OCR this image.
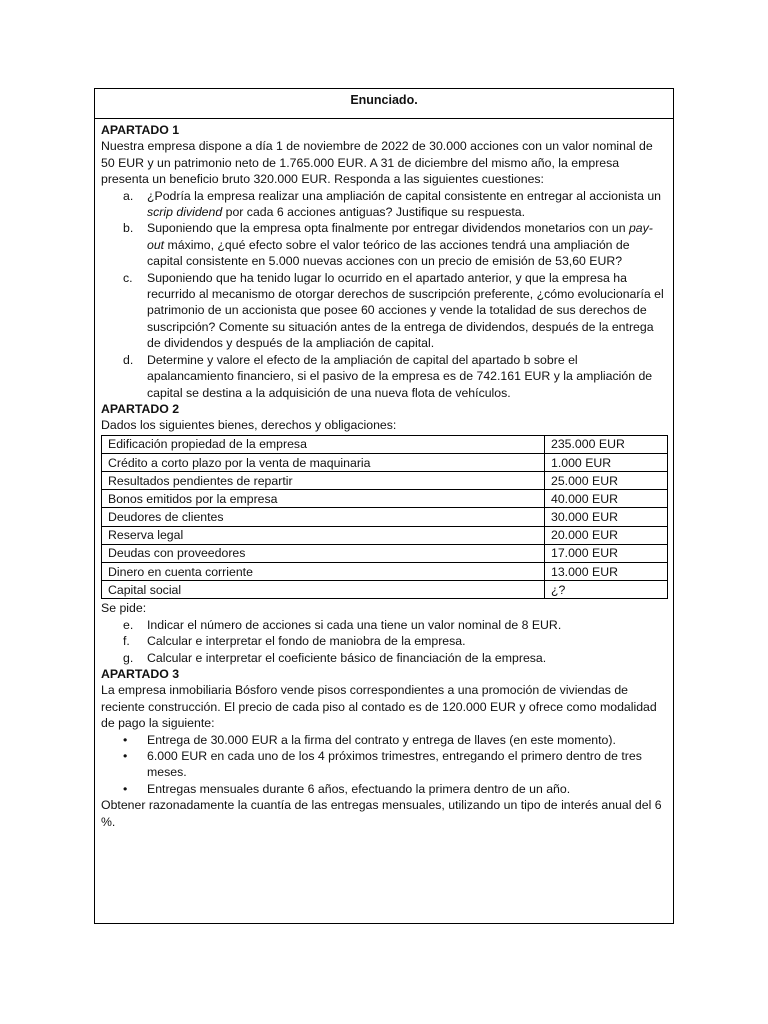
Enunciado.
APARTADO 1

Nuestra empresa dispone a día 1 de noviembre de 2022 de 30.000 acciones con un valor nominal de 50 EUR y un patrimonio neto de 1.765.000 EUR. A 31 de diciembre del mismo año, la empresa presenta un beneficio bruto 320.000 EUR. Responda a las siguientes cuestiones:

a. ¿Podría la empresa realizar una ampliación de capital consistente en entregar al accionista un scrip dividend por cada 6 acciones antiguas? Justifique su respuesta.
b. Suponiendo que la empresa opta finalmente por entregar dividendos monetarios con un pay-out máximo, ¿qué efecto sobre el valor teórico de las acciones tendrá una ampliación de capital consistente en 5.000 nuevas acciones con un precio de emisión de 53,60 EUR?
c. Suponiendo que ha tenido lugar lo ocurrido en el apartado anterior, y que la empresa ha recurrido al mecanismo de otorgar derechos de suscripción preferente, ¿cómo evolucionaría el patrimonio de un accionista que posee 60 acciones y vende la totalidad de sus derechos de suscripción? Comente su situación antes de la entrega de dividendos, después de la entrega de dividendos y después de la ampliación de capital.
d. Determine y valore el efecto de la ampliación de capital del apartado b sobre el apalancamiento financiero, si el pasivo de la empresa es de 742.161 EUR y la ampliación de capital se destina a la adquisición de una nueva flota de vehículos.
APARTADO 2

Dados los siguientes bienes, derechos y obligaciones:

Edificación propiedad de la empresa	235.000 EUR
Crédito a corto plazo por la venta de maquinaria	1.000 EUR
Resultados pendientes de repartir	25.000 EUR
Bonos emitidos por la empresa	40.000 EUR
Deudores de clientes	30.000 EUR
Reserva legal	20.000 EUR
Deudas con proveedores	17.000 EUR
Dinero en cuenta corriente	13.000 EUR
Capital social	¿?

Se pide:

e. Indicar el número de acciones si cada una tiene un valor nominal de 8 EUR.
f. Calcular e interpretar el fondo de maniobra de la empresa.
g. Calcular e interpretar el coeficiente básico de financiación de la empresa.
APARTADO 3

La empresa inmobiliaria Bósforo vende pisos correspondientes a una promoción de viviendas de reciente construcción. El precio de cada piso al contado es de 120.000 EUR y ofrece como modalidad de pago la siguiente:

• Entrega de 30.000 EUR a la firma del contrato y entrega de llaves (en este momento).
• 6.000 EUR en cada uno de los 4 próximos trimestres, entregando el primero dentro de tres meses.
• Entregas mensuales durante 6 años, efectuando la primera dentro de un año.

Obtener razonadamente la cuantía de las entregas mensuales, utilizando un tipo de interés anual del 6 %.
